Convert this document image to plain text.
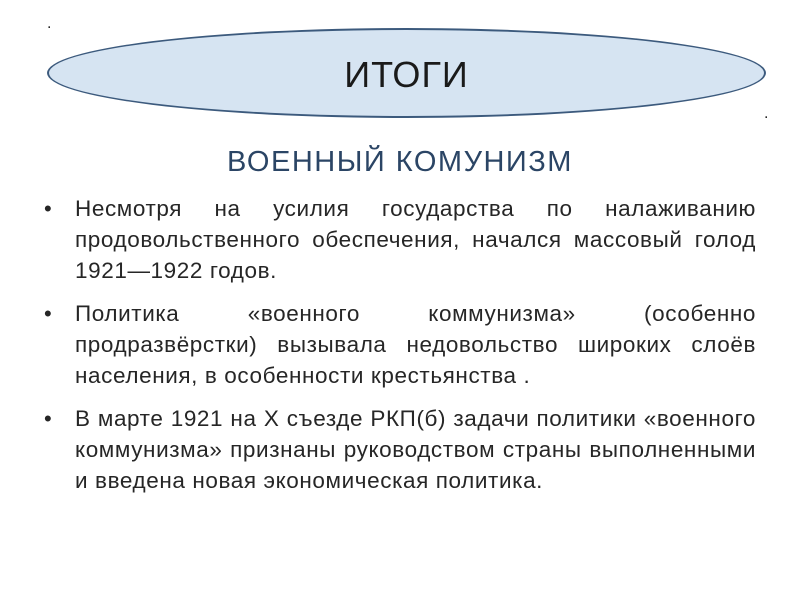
.
.
ИТОГИ
ВОЕННЫЙ КОМУНИЗМ
• Несмотря на усилия государства по налаживанию продовольственного обеспечения, начался массовый голод 1921—1922 годов.
• Политика «военного коммунизма» (особенно продразвёрстки) вызывала недовольство широких слоёв населения, в особенности крестьянства .
• В марте 1921 на X съезде РКП(б) задачи политики «военного коммунизма» признаны руководством страны выполненными и введена новая экономическая политика.
